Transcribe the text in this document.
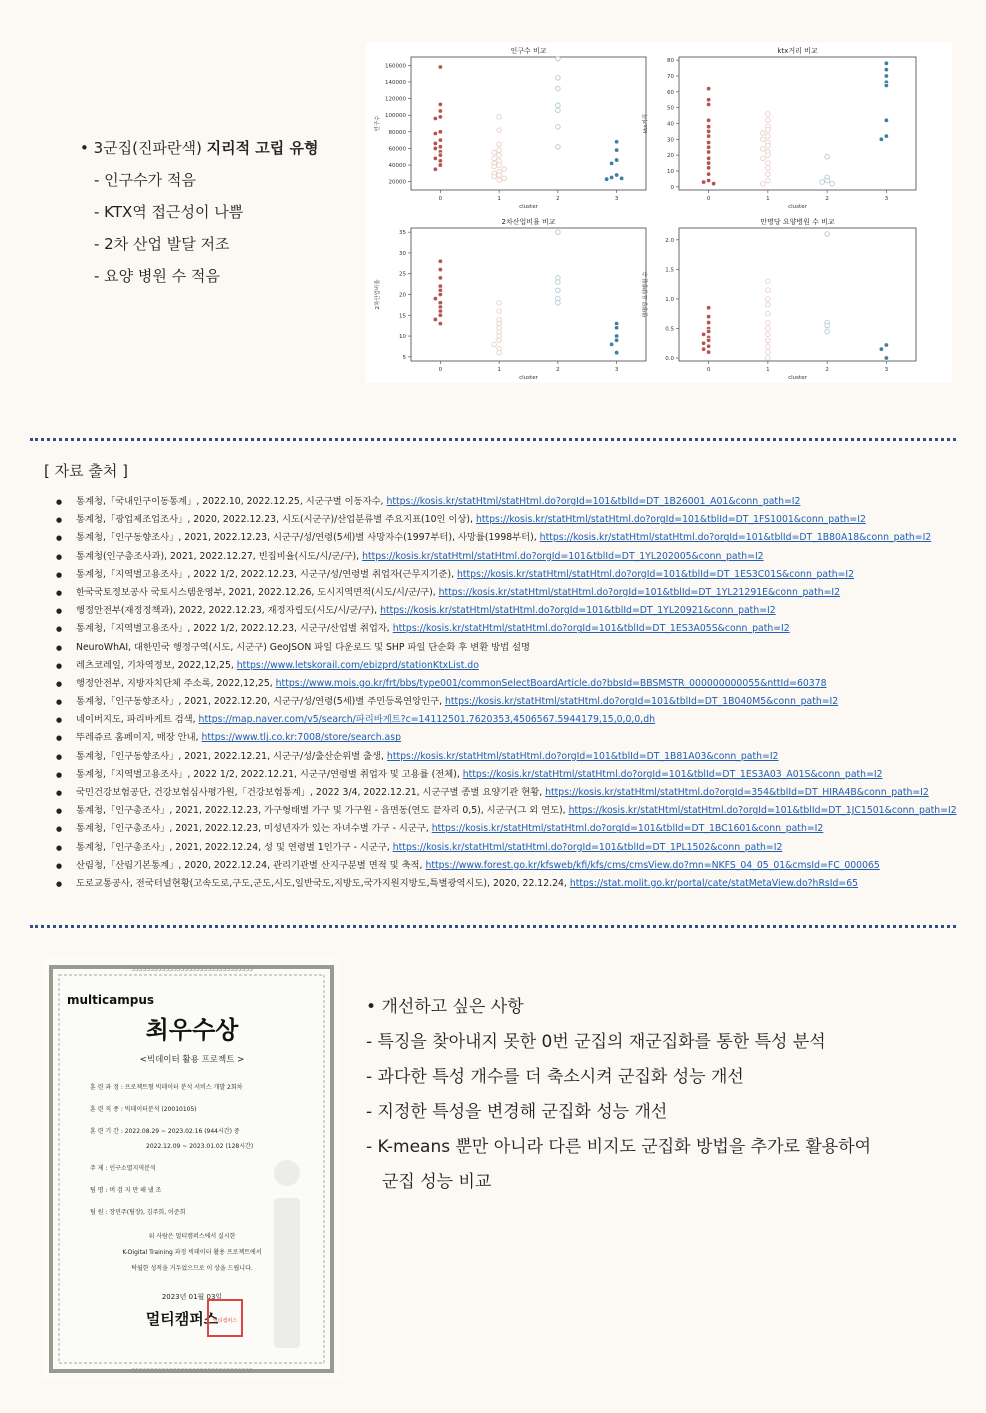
• 3군집(진파란색) 지리적 고립 유형
- 인구수가 적음
- KTX역 접근성이 나쁨
- 2차 산업 발달 저조
- 요양 병원 수 적음
인구수 비교
20000
40000
60000
80000
100000
120000
140000
160000
0	1	2	3
cluster
인구수
ktx거리 비교
0
10
20
30
40
50
60
70
80
0	1	2	3
cluster
ktx거리
2차산업비율 비교
5
10
15
20
25
30
35
0	1	2	3
cluster
2차산업비율
만명당 요양병원 수 비교
0.0
0.5
1.0
1.5
2.0
0	1	2	3
cluster
만명당 요양병원 수
[ 자료 출처 ]
● 통계청,「국내인구이동통계」, 2022.10, 2022.12.25, 시군구별 이동자수, https://kosis.kr/statHtml/statHtml.do?orgId=101&tblId=DT_1B26001_A01&conn_path=I2
● 통계청,「광업제조업조사」, 2020, 2022.12.23, 시도(시군구)/산업분류별 주요지표(10인 이상), https://kosis.kr/statHtml/statHtml.do?orgId=101&tblId=DT_1FS1001&conn_path=I2
● 통계청,「인구동향조사」, 2021, 2022.12.23, 시군구/성/연령(5세)별 사망자수(1997부터), 사망률(1998부터), https://kosis.kr/statHtml/statHtml.do?orgId=101&tblId=DT_1B80A18&conn_path=I2
● 통계청(인구총조사과), 2021, 2022.12.27, 빈집비율(시도/시/군/구), https://kosis.kr/statHtml/statHtml.do?orgId=101&tblId=DT_1YL202005&conn_path=I2
● 통계청,「지역별고용조사」, 2022 1/2, 2022.12.23, 시군구/성/연령별 취업자(근무지기준), https://kosis.kr/statHtml/statHtml.do?orgId=101&tblId=DT_1ES3C01S&conn_path=I2
● 한국국토정보공사 국토시스템운영부, 2021, 2022.12.26, 도시지역면적(시도/시/군/구), https://kosis.kr/statHtml/statHtml.do?orgId=101&tblId=DT_1YL21291E&conn_path=I2
● 행정안전부(재정정책과), 2022, 2022.12.23, 재정자립도(시도/시/군/구), https://kosis.kr/statHtml/statHtml.do?orgId=101&tblId=DT_1YL20921&conn_path=I2
● 통계청,「지역별고용조사」, 2022 1/2, 2022.12.23, 시군구/산업별 취업자, https://kosis.kr/statHtml/statHtml.do?orgId=101&tblId=DT_1ES3A05S&conn_path=I2
● NeuroWhAI, 대한민국 행정구역(시도, 시군구) GeoJSON 파일 다운로드 및 SHP 파일 단순화 후 변환 방법 설명
● 레츠코레일, 기차역정보, 2022,12,25, https://www.letskorail.com/ebizprd/stationKtxList.do
● 행정안전부, 지방자치단체 주소록, 2022,12,25, https://www.mois.go.kr/frt/bbs/type001/commonSelectBoardArticle.do?bbsId=BBSMSTR_000000000055&nttId=60378
● 통계청,「인구동향조사」, 2021, 2022.12.20, 시군구/성/연령(5세)별 주민등록연앙인구, https://kosis.kr/statHtml/statHtml.do?orgId=101&tblId=DT_1B040M5&conn_path=I2
● 네이버지도, 파리바게트 검색, https://map.naver.com/v5/search/파리바게트?c=14112501.7620353,4506567.5944179,15,0,0,0,dh
● 뚜레쥬르 홈페이지, 매장 안내, https://www.tlj.co.kr:7008/store/search.asp
● 통계청,「인구동향조사」, 2021, 2022.12.21, 시군구/성/출산순위별 출생, https://kosis.kr/statHtml/statHtml.do?orgId=101&tblId=DT_1B81A03&conn_path=I2
● 통계청,「지역별고용조사」, 2022 1/2, 2022.12.21, 시군구/연령별 취업자 및 고용률 (전체), https://kosis.kr/statHtml/statHtml.do?orgId=101&tblId=DT_1ES3A03_A01S&conn_path=I2
● 국민건강보험공단, 건강보험심사평가원,「건강보험통계」, 2022 3/4, 2022.12.21, 시군구별 종별 요양기관 현황, https://kosis.kr/statHtml/statHtml.do?orgId=354&tblId=DT_HIRA4B&conn_path=I2
● 통계청,「인구총조사」, 2021, 2022.12.23, 가구형태별 가구 및 가구원 - 읍면동(연도 끝자리 0,5), 시군구(그 외 연도), https://kosis.kr/statHtml/statHtml.do?orgId=101&tblId=DT_1JC1501&conn_path=I2
● 통계청,「인구총조사」, 2021, 2022.12.23, 미성년자가 있는 자녀수별 가구 - 시군구, https://kosis.kr/statHtml/statHtml.do?orgId=101&tblId=DT_1BC1601&conn_path=I2
● 통계청,「인구총조사」, 2021, 2022.12.24, 성 및 연령별 1인가구 - 시군구, https://kosis.kr/statHtml/statHtml.do?orgId=101&tblId=DT_1PL1502&conn_path=I2
● 산림청,「산림기본통계」, 2020, 2022.12.24, 관리기관별 산지구분별 면적 및 축적, https://www.forest.go.kr/kfsweb/kfi/kfs/cms/cmsView.do?mn=NKFS_04_05_01&cmsId=FC_000065
● 도로교통공사, 전국터널현황(고속도로,구도,군도,시도,일반국도,지방도,국가지원지방도,특별광역시도), 2020, 22.12.24, https://stat.molit.go.kr/portal/cate/statMetaView.do?hRsId=65
SSSSSSSSSSSSSSSSSSSSSSSSSSSSSSSS
SSSSSSSSSSSSSSSSSSSSSSSSSSSSSSSS
multicampus
최우수상
<빅데이터 활용 프로젝트 >
훈 련 과 정 : 프로젝트형 빅데이터 분석 서비스 개발 2회차
훈 련 직 종 : 빅데이터분석 (20010105)
훈 련 기 간 : 2022.08.29 ~ 2023.02.16 (944시간) 중
2022.12.09 ~ 2023.01.02 (128시간)
주 제 : 인구소멸지역분석
팀 명 : 버 검 지 만 해 냈 조
팀 원 : 장민주(팀장), 김주희, 이준희
위 사람은 멀티캠퍼스에서 실시한
K-Digital Training 과정 빅데이터 활용 프로젝트에서
탁월한 성적을 거두었으므로 이 상을 드립니다.
2023년 01월 03일
멀티캠퍼스
멀티캠퍼스
• 개선하고 싶은 사항
- 특징을 찾아내지 못한 0번 군집의 재군집화를 통한 특성 분석
- 과다한 특성 개수를 더 축소시켜 군집화 성능 개선
- 지정한 특성을 변경해 군집화 성능 개선
- K-means 뿐만 아니라 다른 비지도 군집화 방법을 추가로 활용하여
군집 성능 비교
